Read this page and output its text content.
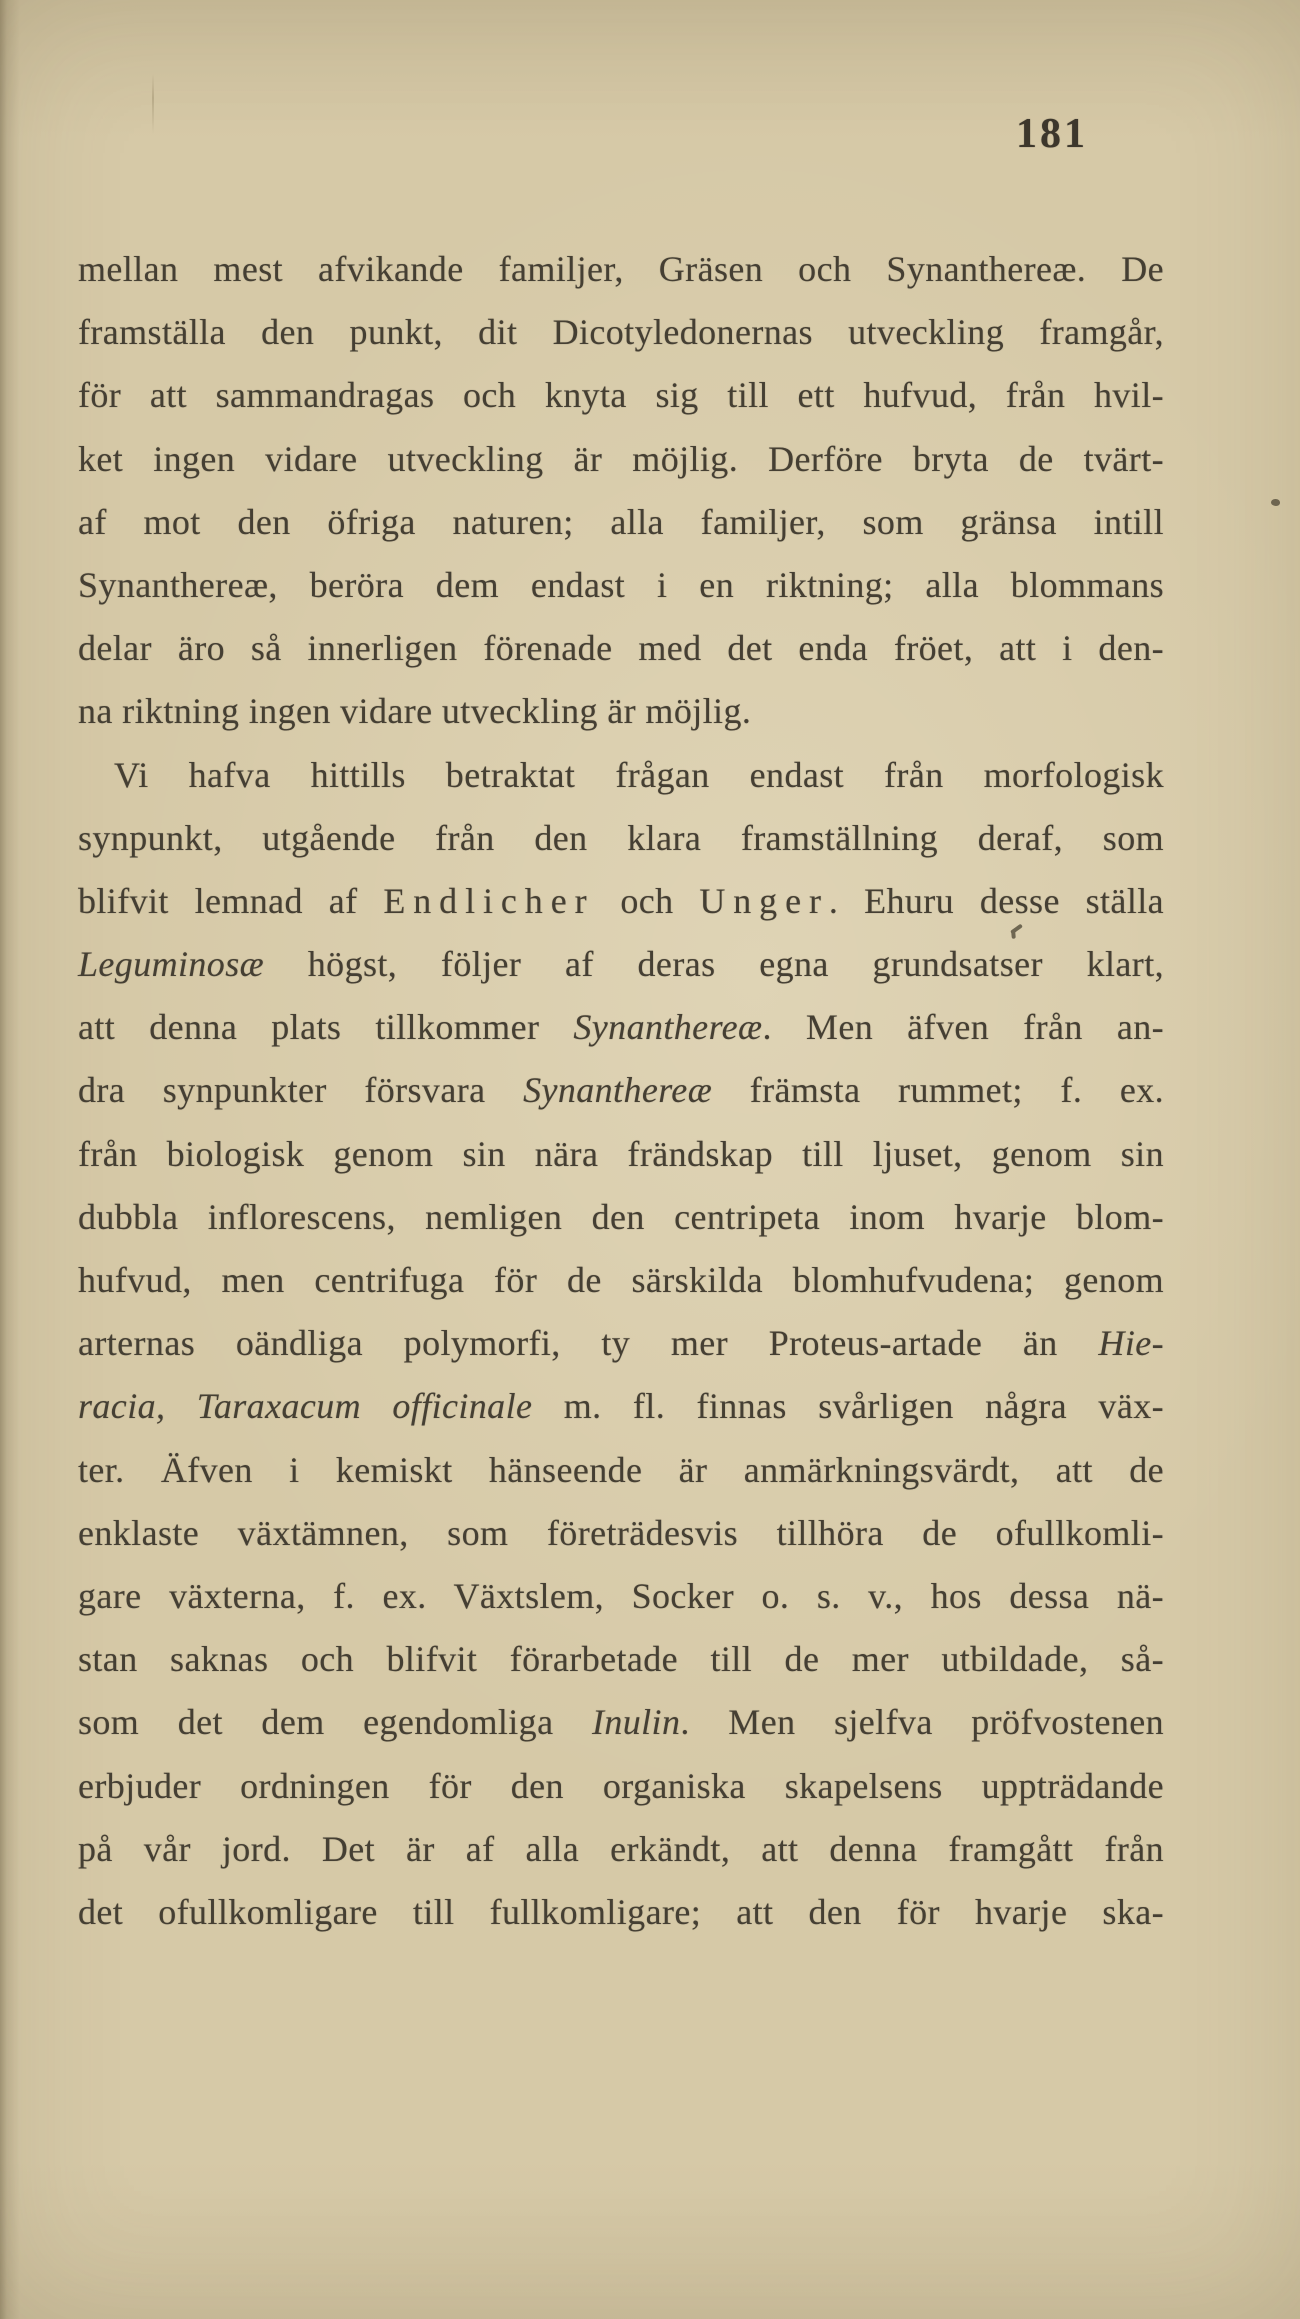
181
mellan mest afvikande familjer, Gräsen och Synanthereæ. De
framställa den punkt, dit Dicotyledonernas utveckling framgår,
för att sammandragas och knyta sig till ett hufvud, från hvil-
ket ingen vidare utveckling är möjlig. Derföre bryta de tvärt-
af mot den öfriga naturen; alla familjer, som gränsa intill
Synanthereæ, beröra dem endast i en riktning; alla blommans
delar äro så innerligen förenade med det enda fröet, att i den-
na riktning ingen vidare utveckling är möjlig.
Vi hafva hittills betraktat frågan endast från morfologisk
synpunkt, utgående från den klara framställning deraf, som
blifvit lemnad af Endlicher och Unger. Ehuru desse ställa
Leguminosæ högst, följer af deras egna grundsatser klart,
att denna plats tillkommer Synanthereæ. Men äfven från an-
dra synpunkter försvara Synanthereæ främsta rummet; f. ex.
från biologisk genom sin nära frändskap till ljuset, genom sin
dubbla inflorescens, nemligen den centripeta inom hvarje blom-
hufvud, men centrifuga för de särskilda blomhufvudena; genom
arternas oändliga polymorfi, ty mer Proteus-artade än Hie-
racia, Taraxacum officinale m. fl. finnas svårligen några väx-
ter. Äfven i kemiskt hänseende är anmärkningsvärdt, att de
enklaste växtämnen, som företrädesvis tillhöra de ofullkomli-
gare växterna, f. ex. Växtslem, Socker o. s. v., hos dessa nä-
stan saknas och blifvit förarbetade till de mer utbildade, så-
som det dem egendomliga Inulin. Men sjelfva pröfvostenen
erbjuder ordningen för den organiska skapelsens uppträdande
på vår jord. Det är af alla erkändt, att denna framgått från
det ofullkomligare till fullkomligare; att den för hvarje ska-
